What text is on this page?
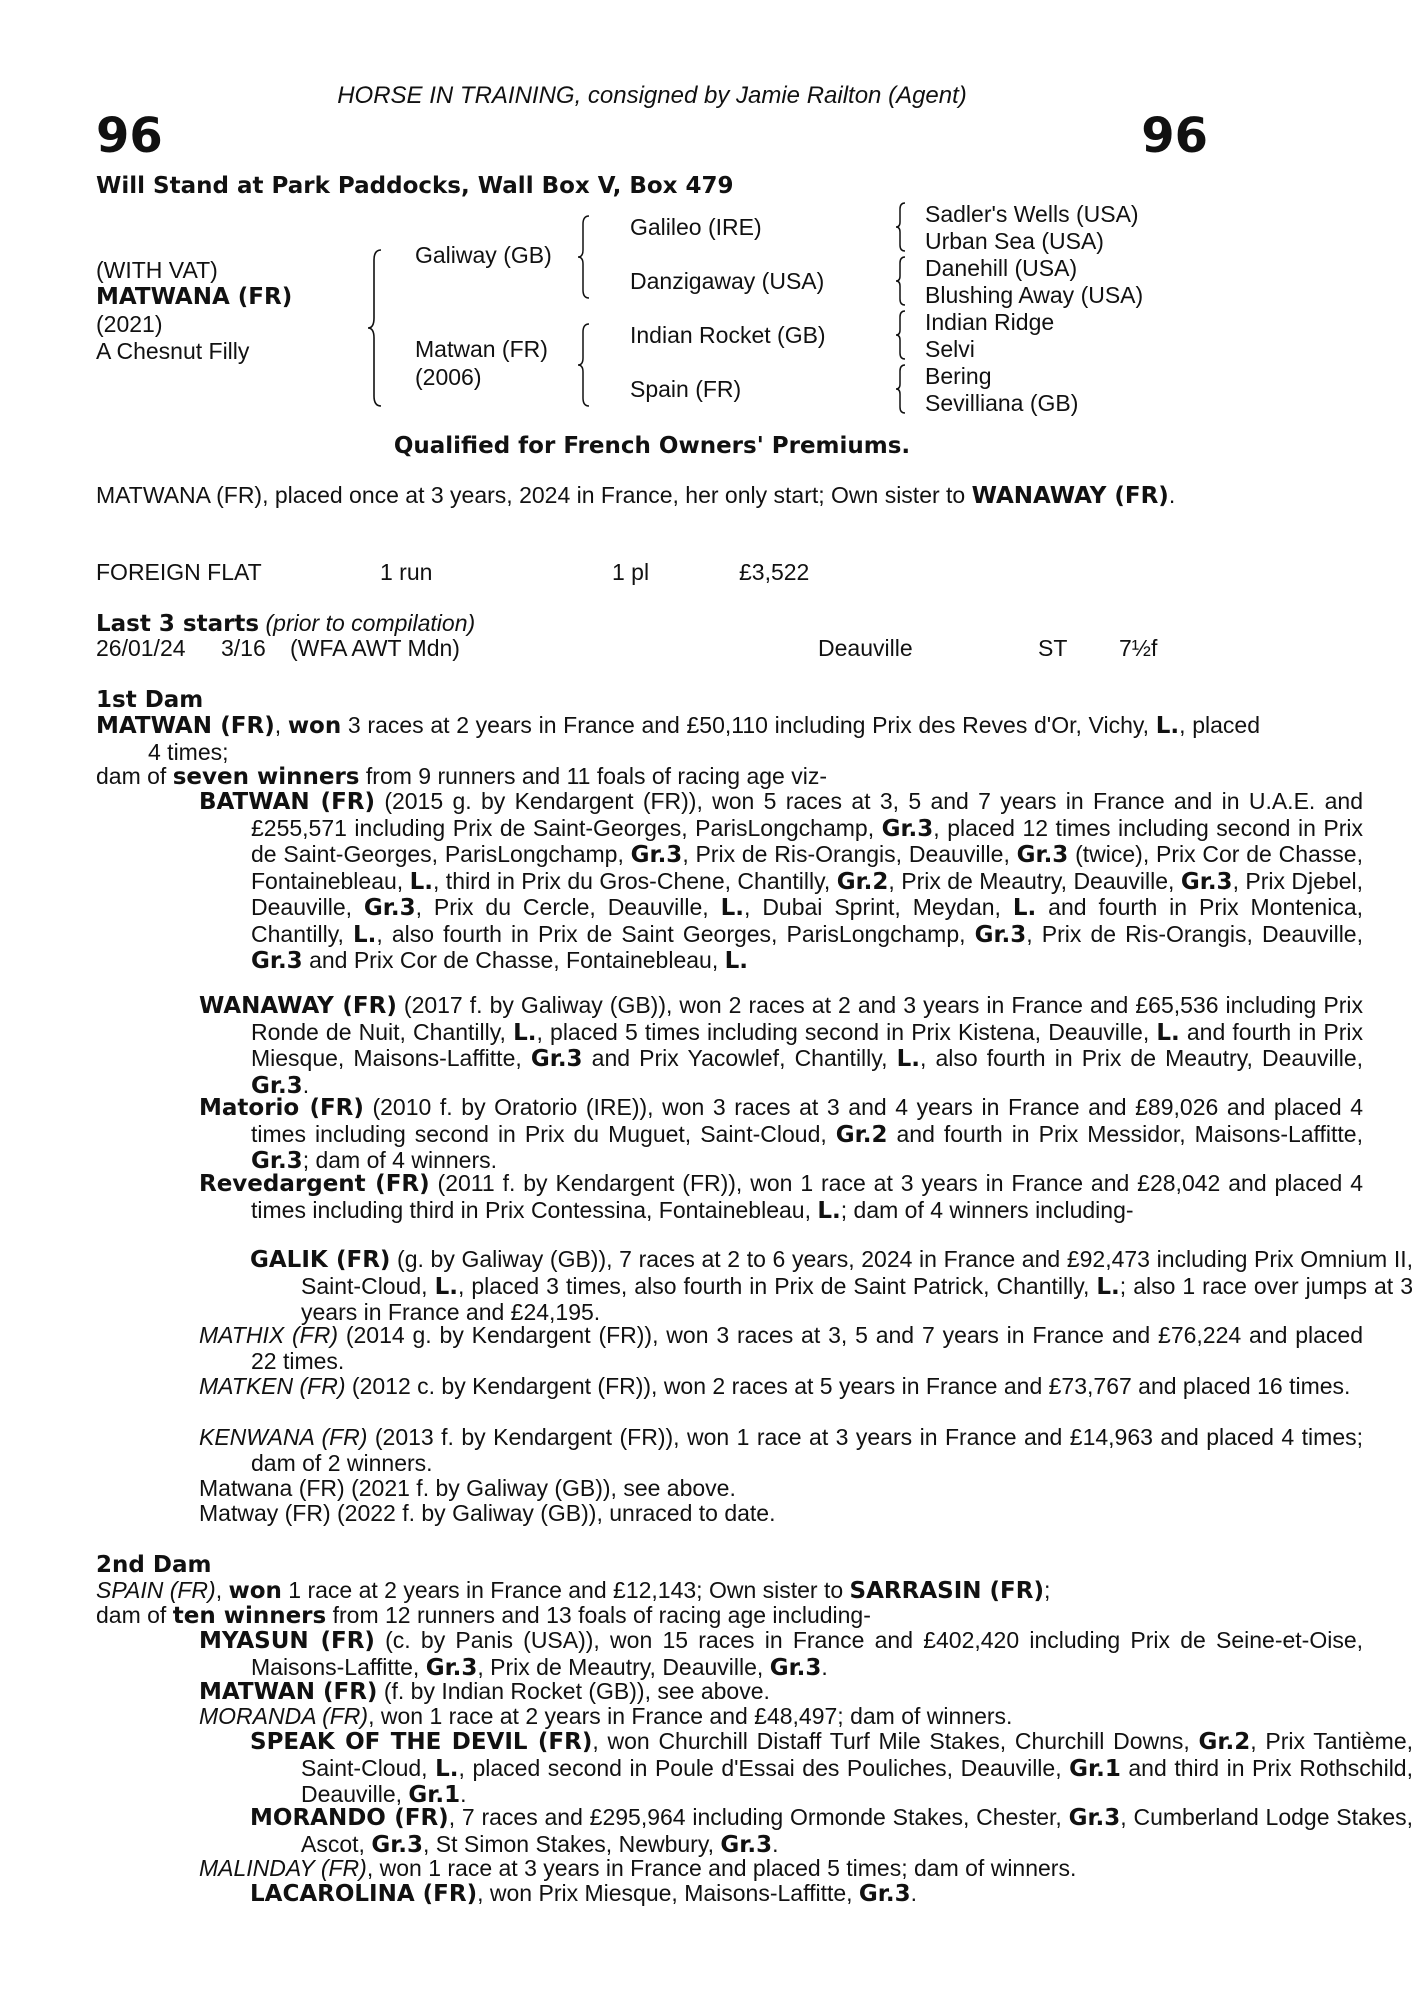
HORSE IN TRAINING, consigned by Jamie Railton (Agent)
96	96
Will Stand at Park Paddocks, Wall Box V, Box 479
(WITH VAT)
MATWANA (FR)
(2021)
A Chesnut Filly
Galiway (GB)
Matwan (FR)
(2006)
Galileo (IRE)
Danzigaway (USA)
Indian Rocket (GB)
Spain (FR)
Sadler's Wells (USA)
Urban Sea (USA)
Danehill (USA)
Blushing Away (USA)
Indian Ridge
Selvi
Bering
Sevilliana (GB)
Qualified for French Owners' Premiums.
MATWANA (FR), placed once at 3 years, 2024 in France, her only start; Own sister to WANAWAY (FR).
FOREIGN FLAT	1 run	1 pl	£3,522
Last 3 starts (prior to compilation)
26/01/24 3/16 (WFA AWT Mdn)	Deauville	ST 7½f
1st Dam
MATWAN (FR), won 3 races at 2 years in France and £50,110 including Prix des Reves d'Or, Vichy, L., placed 4 times;
dam of seven winners from 9 runners and 11 foals of racing age viz-
BATWAN (FR) (2015 g. by Kendargent (FR)), won 5 races at 3, 5 and 7 years in France and in U.A.E. and £255,571 including Prix de Saint-Georges, ParisLongchamp, Gr.3, placed 12 times including second in Prix de Saint-Georges, ParisLongchamp, Gr.3, Prix de Ris-Orangis, Deauville, Gr.3 (twice), Prix Cor de Chasse, Fontainebleau, L., third in Prix du Gros-Chene, Chantilly, Gr.2, Prix de Meautry, Deauville, Gr.3, Prix Djebel, Deauville, Gr.3, Prix du Cercle, Deauville, L., Dubai Sprint, Meydan, L. and fourth in Prix Montenica, Chantilly, L., also fourth in Prix de Saint Georges, ParisLongchamp, Gr.3, Prix de Ris-Orangis, Deauville, Gr.3 and Prix Cor de Chasse, Fontainebleau, L.
WANAWAY (FR) (2017 f. by Galiway (GB)), won 2 races at 2 and 3 years in France and £65,536 including Prix Ronde de Nuit, Chantilly, L., placed 5 times including second in Prix Kistena, Deauville, L. and fourth in Prix Miesque, Maisons-Laffitte, Gr.3 and Prix Yacowlef, Chantilly, L., also fourth in Prix de Meautry, Deauville, Gr.3.
Matorio (FR) (2010 f. by Oratorio (IRE)), won 3 races at 3 and 4 years in France and £89,026 and placed 4 times including second in Prix du Muguet, Saint-Cloud, Gr.2 and fourth in Prix Messidor, Maisons-Laffitte, Gr.3; dam of 4 winners.
Revedargent (FR) (2011 f. by Kendargent (FR)), won 1 race at 3 years in France and £28,042 and placed 4 times including third in Prix Contessina, Fontainebleau, L.; dam of 4 winners including-
GALIK (FR) (g. by Galiway (GB)), 7 races at 2 to 6 years, 2024 in France and £92,473 including Prix Omnium II, Saint-Cloud, L., placed 3 times, also fourth in Prix de Saint Patrick, Chantilly, L.; also 1 race over jumps at 3 years in France and £24,195.
MATHIX (FR) (2014 g. by Kendargent (FR)), won 3 races at 3, 5 and 7 years in France and £76,224 and placed 22 times.
MATKEN (FR) (2012 c. by Kendargent (FR)), won 2 races at 5 years in France and £73,767 and placed 16 times.
KENWANA (FR) (2013 f. by Kendargent (FR)), won 1 race at 3 years in France and £14,963 and placed 4 times; dam of 2 winners.
Matwana (FR) (2021 f. by Galiway (GB)), see above.
Matway (FR) (2022 f. by Galiway (GB)), unraced to date.
2nd Dam
SPAIN (FR), won 1 race at 2 years in France and £12,143; Own sister to SARRASIN (FR);
dam of ten winners from 12 runners and 13 foals of racing age including-
MYASUN (FR) (c. by Panis (USA)), won 15 races in France and £402,420 including Prix de Seine-et-Oise, Maisons-Laffitte, Gr.3, Prix de Meautry, Deauville, Gr.3.
MATWAN (FR) (f. by Indian Rocket (GB)), see above.
MORANDA (FR), won 1 race at 2 years in France and £48,497; dam of winners.
SPEAK OF THE DEVIL (FR), won Churchill Distaff Turf Mile Stakes, Churchill Downs, Gr.2, Prix Tantième, Saint-Cloud, L., placed second in Poule d'Essai des Pouliches, Deauville, Gr.1 and third in Prix Rothschild, Deauville, Gr.1.
MORANDO (FR), 7 races and £295,964 including Ormonde Stakes, Chester, Gr.3, Cumberland Lodge Stakes, Ascot, Gr.3, St Simon Stakes, Newbury, Gr.3.
MALINDAY (FR), won 1 race at 3 years in France and placed 5 times; dam of winners.
LACAROLINA (FR), won Prix Miesque, Maisons-Laffitte, Gr.3.
